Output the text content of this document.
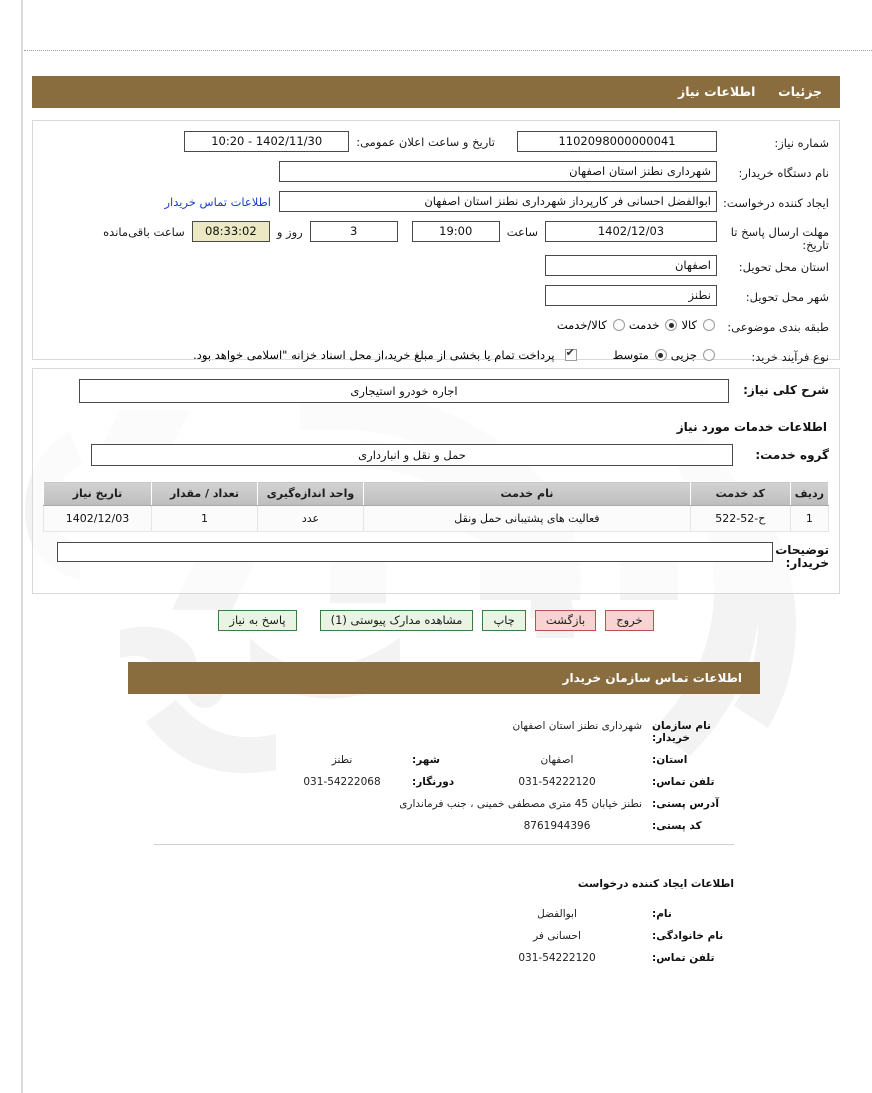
جزئیات  اطلاعات نیاز
شماره نیاز:
1102098000000041
تاریخ و ساعت اعلان عمومی:
1402/11/30 - 10:20
نام دستگاه خریدار:
شهرداری نطنز استان اصفهان
ایجاد کننده درخواست:
ابوالفضل احسانی فر کارپرداز شهرداری نطنز استان اصفهان
اطلاعات تماس خریدار
مهلت ارسال پاسخ تا تاریخ:
1402/12/03
ساعت
19:00
3
روز و
08:33:02
ساعت باقی‌مانده
استان محل تحویل:
اصفهان
شهر محل تحویل:
نطنز
طبقه بندی موضوعی:
کالا
خدمت
کالا/خدمت
نوع فرآیند خرید:
جزیی
متوسط
✔
پرداخت تمام یا بخشی از مبلغ خرید،از محل اسناد خزانه "اسلامی خواهد بود.
شرح کلی نیاز:
اجاره خودرو استیجاری
اطلاعات خدمات مورد نیاز
گروه خدمت:
حمل و نقل و انبارداری
ردیف	کد خدمت	نام خدمت	واحد اندازه‌گیری	تعداد / مقدار	تاریخ نیاز
1	ح-52-522	فعالیت های پشتیبانی حمل ونقل	عدد	1	1402/12/03
توضیحات خریدار:
خروج
بازگشت
چاپ
مشاهده مدارک پیوستی (1)
پاسخ به نیاز
اطلاعات تماس سازمان خریدار
نام سازمان خریدار:
شهرداری نطنز استان اصفهان
استان:
اصفهان
شهر:
نطنز
تلفن تماس:
031-54222120
دورنگار:
031-54222068
آدرس پستی:
نطنز خیابان 45 متری مصطفی خمینی ، جنب فرمانداری
کد پستی:
8761944396
اطلاعات ایجاد کننده درخواست
نام:
ابوالفضل
نام خانوادگی:
احسانی فر
تلفن تماس:
031-54222120
